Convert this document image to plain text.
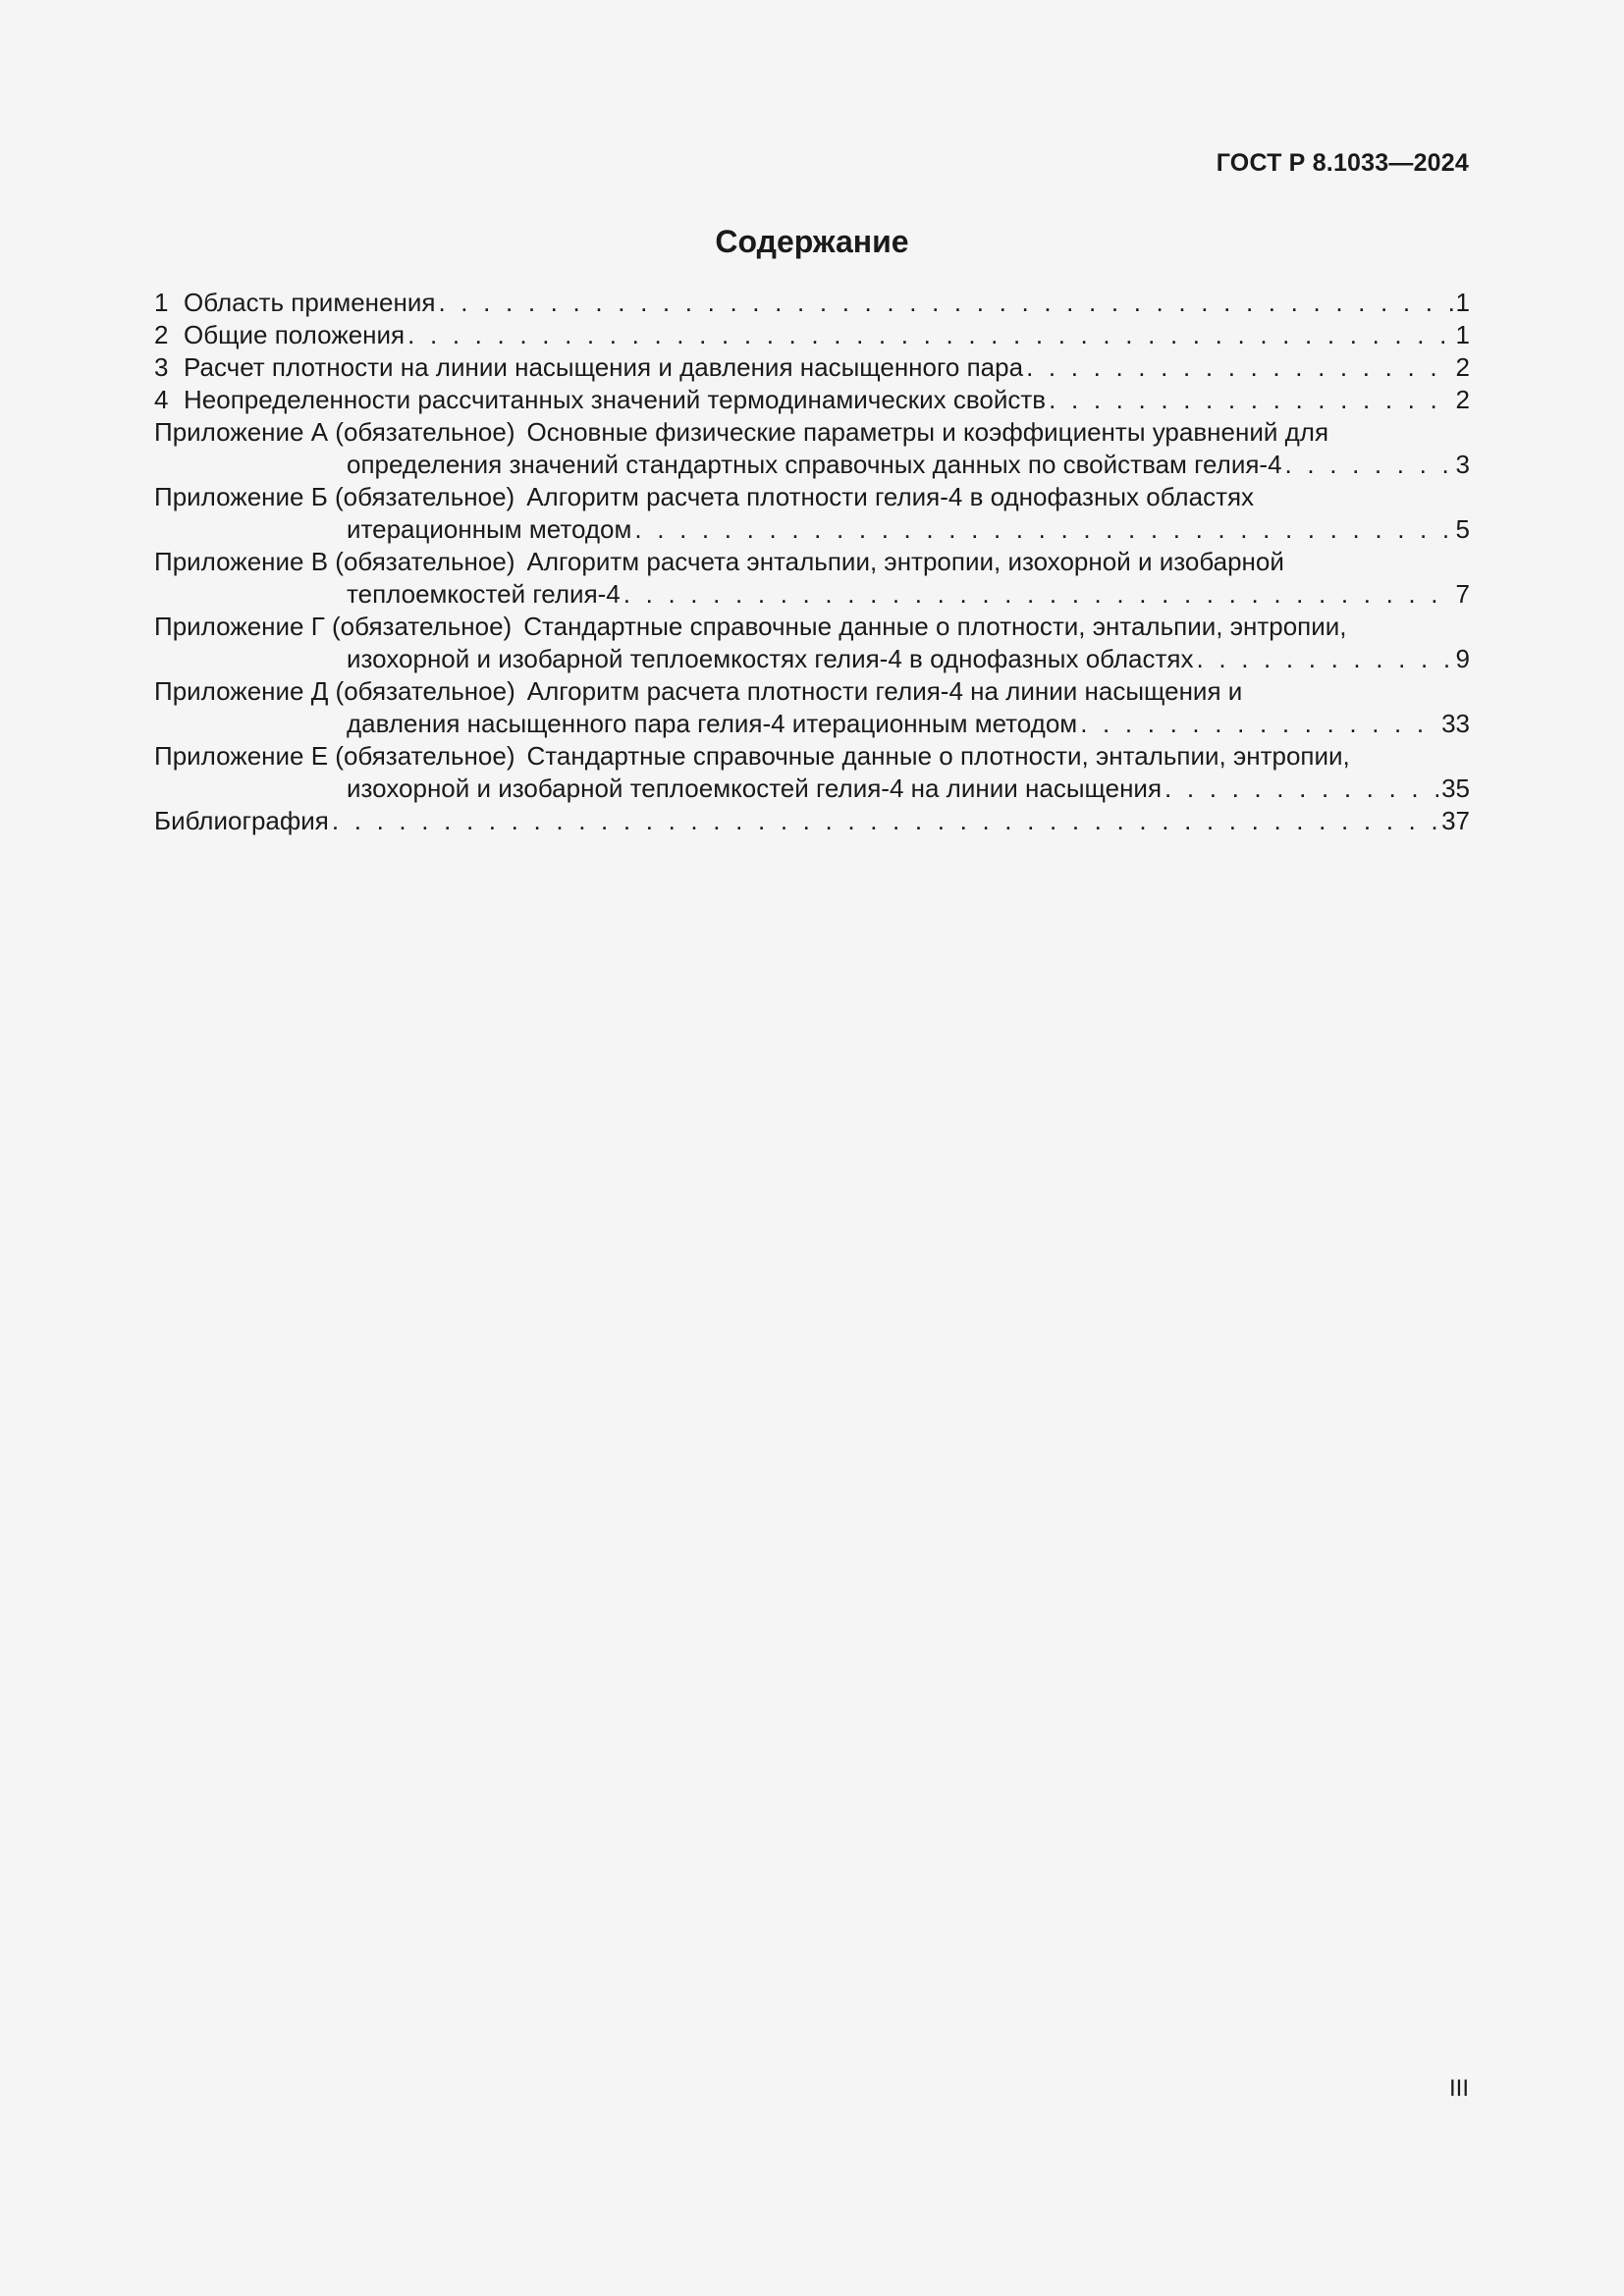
ГОСТ Р 8.1033—2024
Содержание
1 Область применения . . .	1
2 Общие положения . . .	1
3 Расчет плотности на линии насыщения и давления насыщенного пара . . .	2
4 Неопределенности рассчитанных значений термодинамических свойств . . .	2
Приложение А (обязательное) Основные физические параметры и коэффициенты уравнений для
определения значений стандартных справочных данных по свойствам гелия-4 . . .	3
Приложение Б (обязательное) Алгоритм расчета плотности гелия-4 в однофазных областях
итерационным методом . . .	5
Приложение В (обязательное) Алгоритм расчета энтальпии, энтропии, изохорной и изобарной
теплоемкостей гелия-4 . . .	7
Приложение Г (обязательное) Стандартные справочные данные о плотности, энтальпии, энтропии,
изохорной и изобарной теплоемкостях гелия-4 в однофазных областях . . .	9
Приложение Д (обязательное) Алгоритм расчета плотности гелия-4 на линии насыщения и
давления насыщенного пара гелия-4 итерационным методом . . .	33
Приложение Е (обязательное) Стандартные справочные данные о плотности, энтальпии, энтропии,
изохорной и изобарной теплоемкостей гелия-4 на линии насыщения . . .	35
Библиография . . .	37
III
